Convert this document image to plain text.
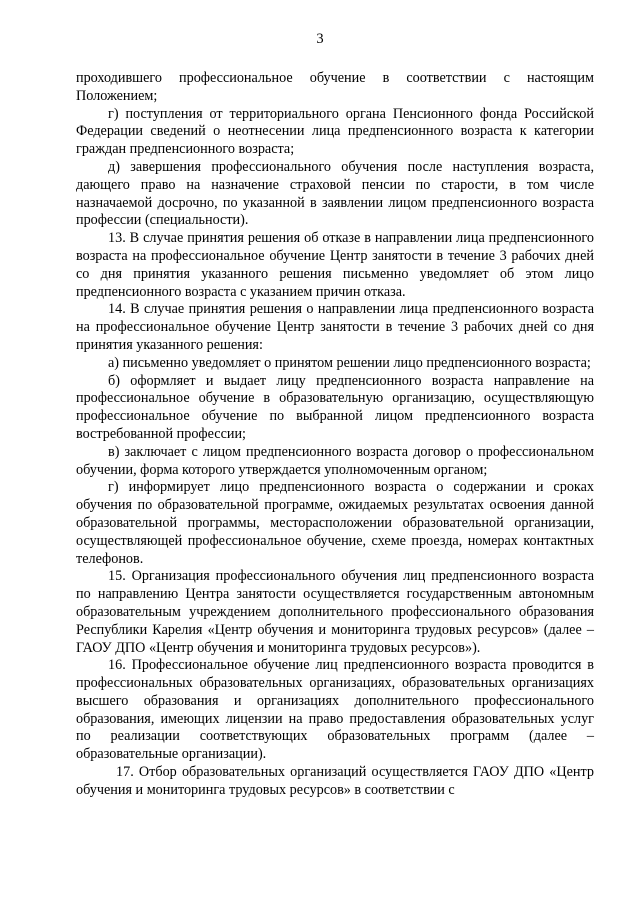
3

проходившего профессиональное обучение в соответствии с настоящим Положением;

г) поступления от территориального органа Пенсионного фонда Российской Федерации сведений о неотнесении лица предпенсионного возраста к категории граждан предпенсионного возраста;

д) завершения профессионального обучения после наступления возраста, дающего право на назначение страховой пенсии по старости, в том числе назначаемой досрочно, по указанной в заявлении лицом предпенсионного возраста профессии (специальности).

13. В случае принятия решения об отказе в направлении лица предпенсионного возраста на профессиональное обучение Центр занятости в течение 3 рабочих дней со дня принятия указанного решения письменно уведомляет об этом лицо предпенсионного возраста с указанием причин отказа.

14. В случае принятия решения о направлении лица предпенсионного возраста на профессиональное обучение Центр занятости в течение 3 рабочих дней со дня принятия указанного решения:

а) письменно уведомляет о принятом решении лицо предпенсионного возраста;

б) оформляет и выдает лицу предпенсионного возраста направление на профессиональное обучение в образовательную организацию, осуществляющую профессиональное обучение по выбранной лицом предпенсионного возраста востребованной профессии;

в) заключает с лицом предпенсионного возраста договор о профессиональном обучении, форма которого утверждается уполномоченным органом;

г) информирует лицо предпенсионного возраста о содержании и сроках обучения по образовательной программе, ожидаемых результатах освоения данной образовательной программы, месторасположении образовательной организации, осуществляющей профессиональное обучение, схеме проезда, номерах контактных телефонов.

15. Организация профессионального обучения лиц предпенсионного возраста по направлению Центра занятости осуществляется государственным автономным образовательным учреждением дополнительного профессионального образования Республики Карелия «Центр обучения и мониторинга трудовых ресурсов» (далее – ГАОУ ДПО «Центр обучения и мониторинга трудовых ресурсов»).

16. Профессиональное обучение лиц предпенсионного возраста проводится в профессиональных образовательных организациях, образовательных организациях высшего образования и организациях дополнительного профессионального образования, имеющих лицензии на право предоставления образовательных услуг по реализации соответствующих образовательных программ (далее – образовательные организации).

17. Отбор образовательных организаций осуществляется ГАОУ ДПО «Центр обучения и мониторинга трудовых ресурсов» в соответствии с
